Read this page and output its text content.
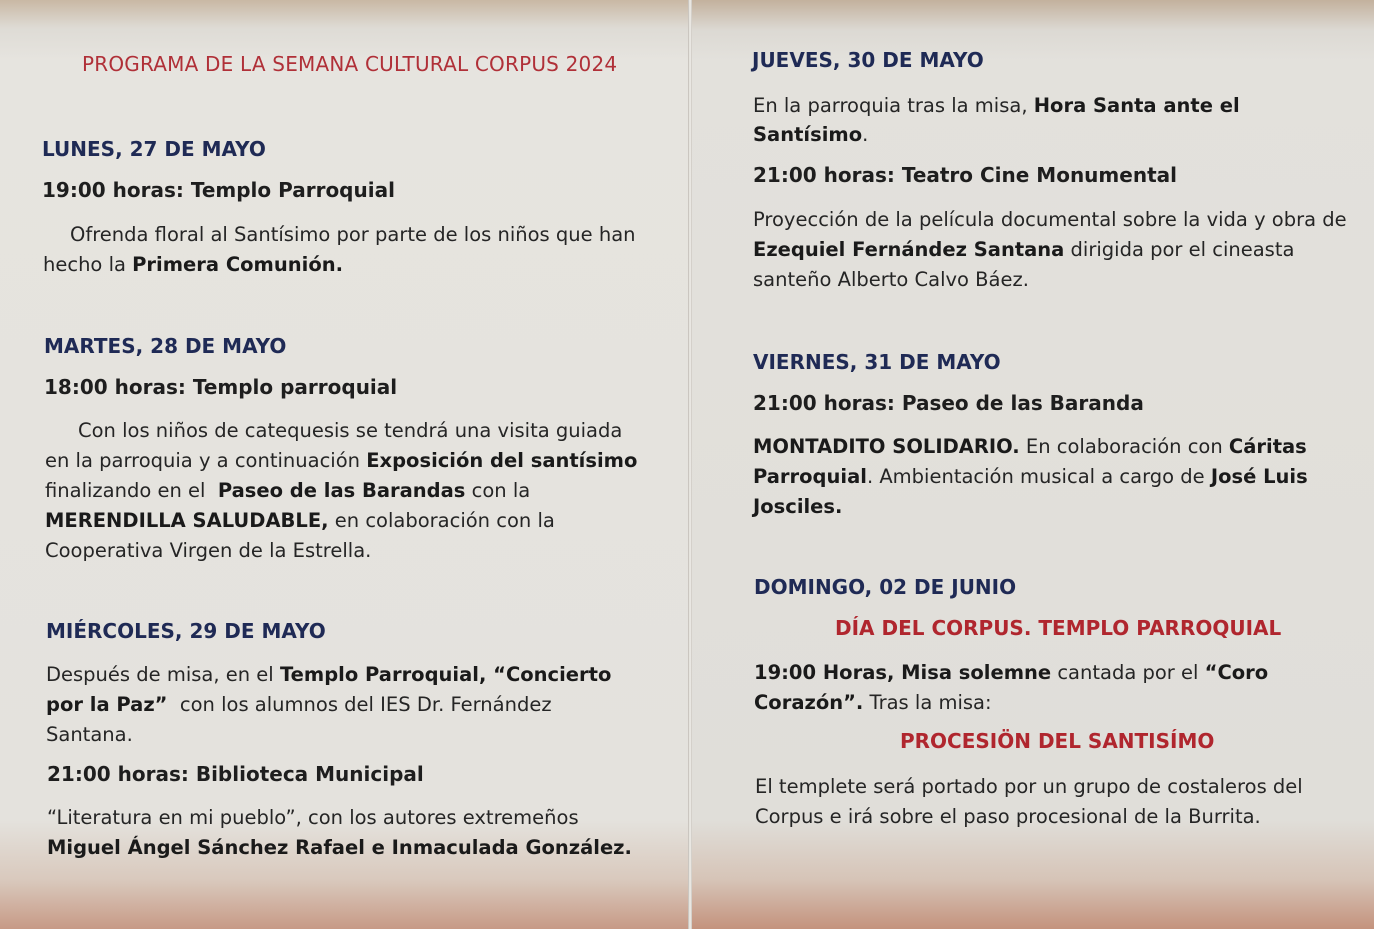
PROGRAMA DE LA SEMANA CULTURAL CORPUS 2024
LUNES, 27 DE MAYO
19:00 horas: Templo Parroquial
Ofrenda floral al Santísimo por parte de los niños que han
hecho la Primera Comunión.
MARTES, 28 DE MAYO
18:00 horas: Templo parroquial
Con los niños de catequesis se tendrá una visita guiada
en la parroquia y a continuación Exposición del santísimo
finalizando en el  Paseo de las Barandas con la
MERENDILLA SALUDABLE, en colaboración con la
Cooperativa Virgen de la Estrella.
MIÉRCOLES, 29 DE MAYO
Después de misa, en el Templo Parroquial, “Concierto
por la Paz”  con los alumnos del IES Dr. Fernández
Santana.
21:00 horas: Biblioteca Municipal
“Literatura en mi pueblo”, con los autores extremeños
Miguel Ángel Sánchez Rafael e Inmaculada González.
JUEVES, 30 DE MAYO
En la parroquia tras la misa, Hora Santa ante el
Santísimo.
21:00 horas: Teatro Cine Monumental
Proyección de la película documental sobre la vida y obra de
Ezequiel Fernández Santana dirigida por el cineasta
santeño Alberto Calvo Báez.
VIERNES, 31 DE MAYO
21:00 horas: Paseo de las Baranda
MONTADITO SOLIDARIO. En colaboración con Cáritas
Parroquial. Ambientación musical a cargo de José Luis
Josciles.
DOMINGO, 02 DE JUNIO
DÍA DEL CORPUS. TEMPLO PARROQUIAL
19:00 Horas, Misa solemne cantada por el “Coro
Corazón”. Tras la misa:
PROCESIÖN DEL SANTISÍMO
El templete será portado por un grupo de costaleros del
Corpus e irá sobre el paso procesional de la Burrita.
